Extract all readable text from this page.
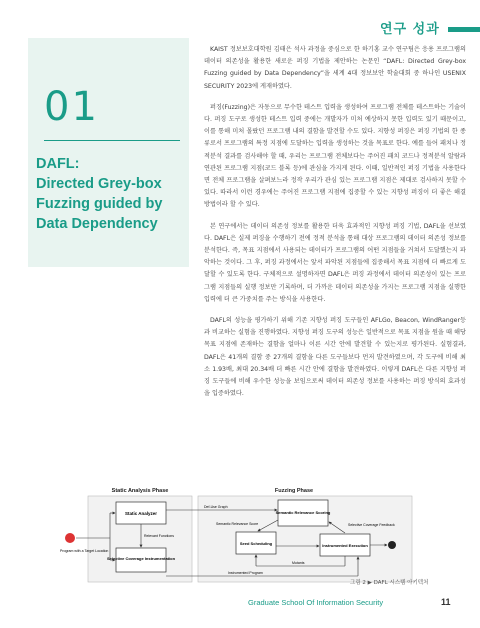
연구 성과
01
DAFL:
Directed Grey-box
Fuzzing guided by
Data Dependency

KAIST 정보보호대학원 김태은 석사 과정을 중심으로 한 하기홍 교수 연구팀은 응용 프로그램의 데이터 의존성을 활용한 새로운 퍼징 기법을 제안하는 논문인 “DAFL: Directed Grey-box Fuzzing guided by Data Dependency”을 세계 4대 정보보안 학술대회 중 하나인 USENIX SECURITY 2023에 게재하였다.

퍼징(Fuzzing)은 자동으로 무수한 테스트 입력을 생성하여 프로그램 전체를 테스트하는 기술이다. 퍼징 도구로 생성한 테스트 입력 중에는 개발자가 미처 예상하지 못한 입력도 있기 때문이고, 이를 통해 미처 몰랐던 프로그램 내의 결함을 발견할 수도 있다. 지향성 퍼징은 퍼징 기법의 한 종류로서 프로그램의 특정 지점에 도달하는 입력을 생성하는 것을 목표로 한다. 예를 들어 패치나 정적분석 결과를 검사해야 할 때, 우리는 프로그램 전체보다는 주어진 패치 코드나 정적분석 알람과 연관된 프로그램 지점(코드 블록 등)에 관심을 가지게 된다. 이때, 일반적인 퍼징 기법을 사용한다면 전체 프로그램을 살펴보느라 정작 우리가 관심 있는 프로그램 지점은 제대로 검사하지 못할 수 있다. 따라서 이런 경우에는 주어진 프로그램 지점에 집중할 수 있는 지향성 퍼징이 더 좋은 해결 방법이라 할 수 있다.

본 연구에서는 데이터 의존성 정보를 활용한 더욱 효과적인 지향성 퍼징 기법, DAFL을 선보였다. DAFL은 실제 퍼징을 수행하기 전에 정적 분석을 통해 대상 프로그램의 데이터 의존성 정보를 분석한다. 즉, 목표 지점에서 사용되는 데이터가 프로그램의 어떤 지점들을 거쳐서 도달했는지 파악하는 것이다. 그 후, 퍼징 과정에서는 앞서 파악된 지점들에 집중해서 목표 지점에 더 빠르게 도달할 수 있도록 한다. 구체적으로 설명하자면 DAFL은 퍼징 과정에서 데이터 의존성이 있는 프로그램 지점들의 실행 정보만 기록하며, 더 가까운 데이터 의존성을 가지는 프로그램 지점을 실행한 입력에 더 큰 가중치를 주는 방식을 사용한다.

DAFL의 성능을 평가하기 위해 기존 지향성 퍼징 도구들인 AFLGo, Beacon, WindRanger등과 비교하는 실험을 진행하였다. 지향성 퍼징 도구의 성능은 일반적으로 목표 지점을 원을 때 해당 목표 지점에 존재하는 결함을 얼마나 이른 시간 안에 발견할 수 있는지로 평가된다. 실험결과, DAFL은 41개의 결함 중 27개의 결함을 다른 도구들보다 먼저 발견하였으며, 각 도구에 비해 최소 1.93배, 최대 20.34배 더 빠른 시간 안에 결함을 발견하였다. 이렇게 DAFL은 다른 지향성 퍼징 도구들에 비해 우수한 성능을 보임으로써 데이터 의존성 정보를 사용하는 퍼징 방식의 효과성을 입증하였다.

Static Analysis Phase	Fuzzing Phase
Static Analyzer
Selective Coverage Instrumentation
Relevant Functions
Program with a Target Location
Semantic Relevance Scoring
Seed Scheduling	Instrumented Execution
Def-Use Graph
Semantic Relevance Score	Selective Coverage Feedback
Mutants
Instrumented Program
그림 2 ▶ DAFL 시스템 아키텍처
Graduate School Of Information Security	11
